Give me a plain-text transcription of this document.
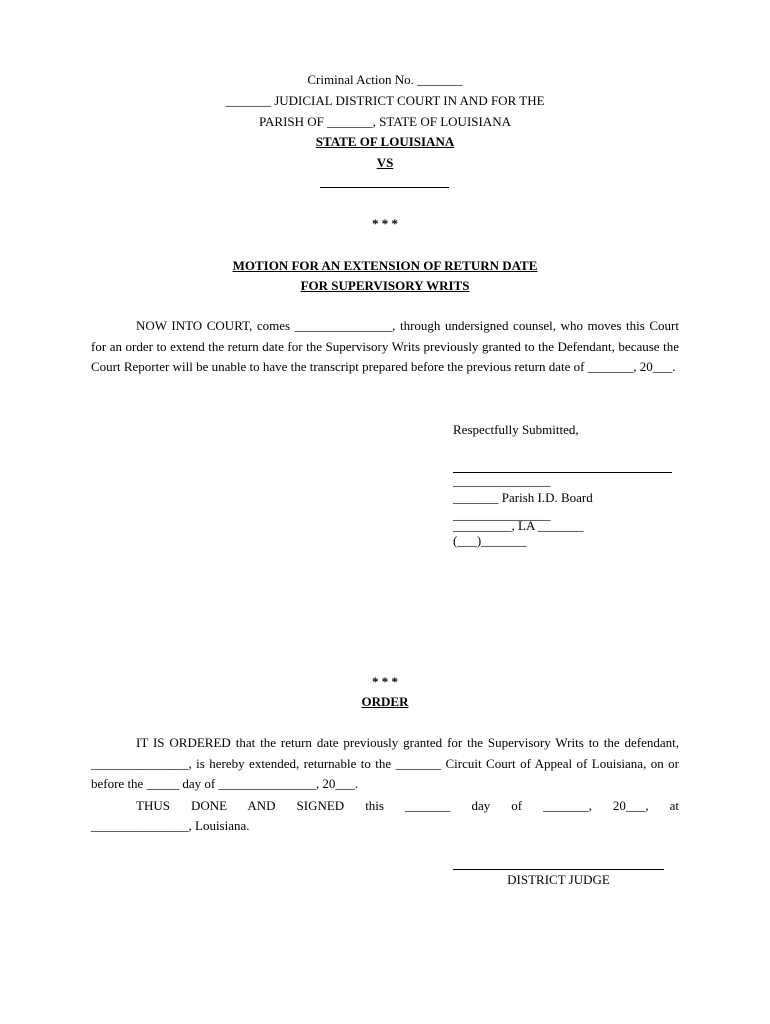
Criminal Action No. _______
_______ JUDICIAL DISTRICT COURT IN AND FOR THE
PARISH OF _______, STATE OF LOUISIANA
STATE OF LOUISIANA
VS
* * *
MOTION FOR AN EXTENSION OF RETURN DATE
FOR SUPERVISORY WRITS
NOW INTO COURT, comes _______________, through undersigned counsel, who moves this Court for an order to extend the return date for the Supervisory Writs previously granted to the Defendant, because the Court Reporter will be unable to have the transcript prepared before the previous return date of _______, 20___.
Respectfully Submitted,
_______________
_______ Parish I.D. Board
_______________
_________, LA _______
(___)_______
* * *
ORDER
IT IS ORDERED that the return date previously granted for the Supervisory Writs to the defendant, _______________, is hereby extended, returnable to the _______ Circuit Court of Appeal of Louisiana, on or before the _____ day of _______________, 20___.
THUS DONE AND SIGNED this _______ day of _______, 20___, at
_______________, Louisiana.
DISTRICT JUDGE
